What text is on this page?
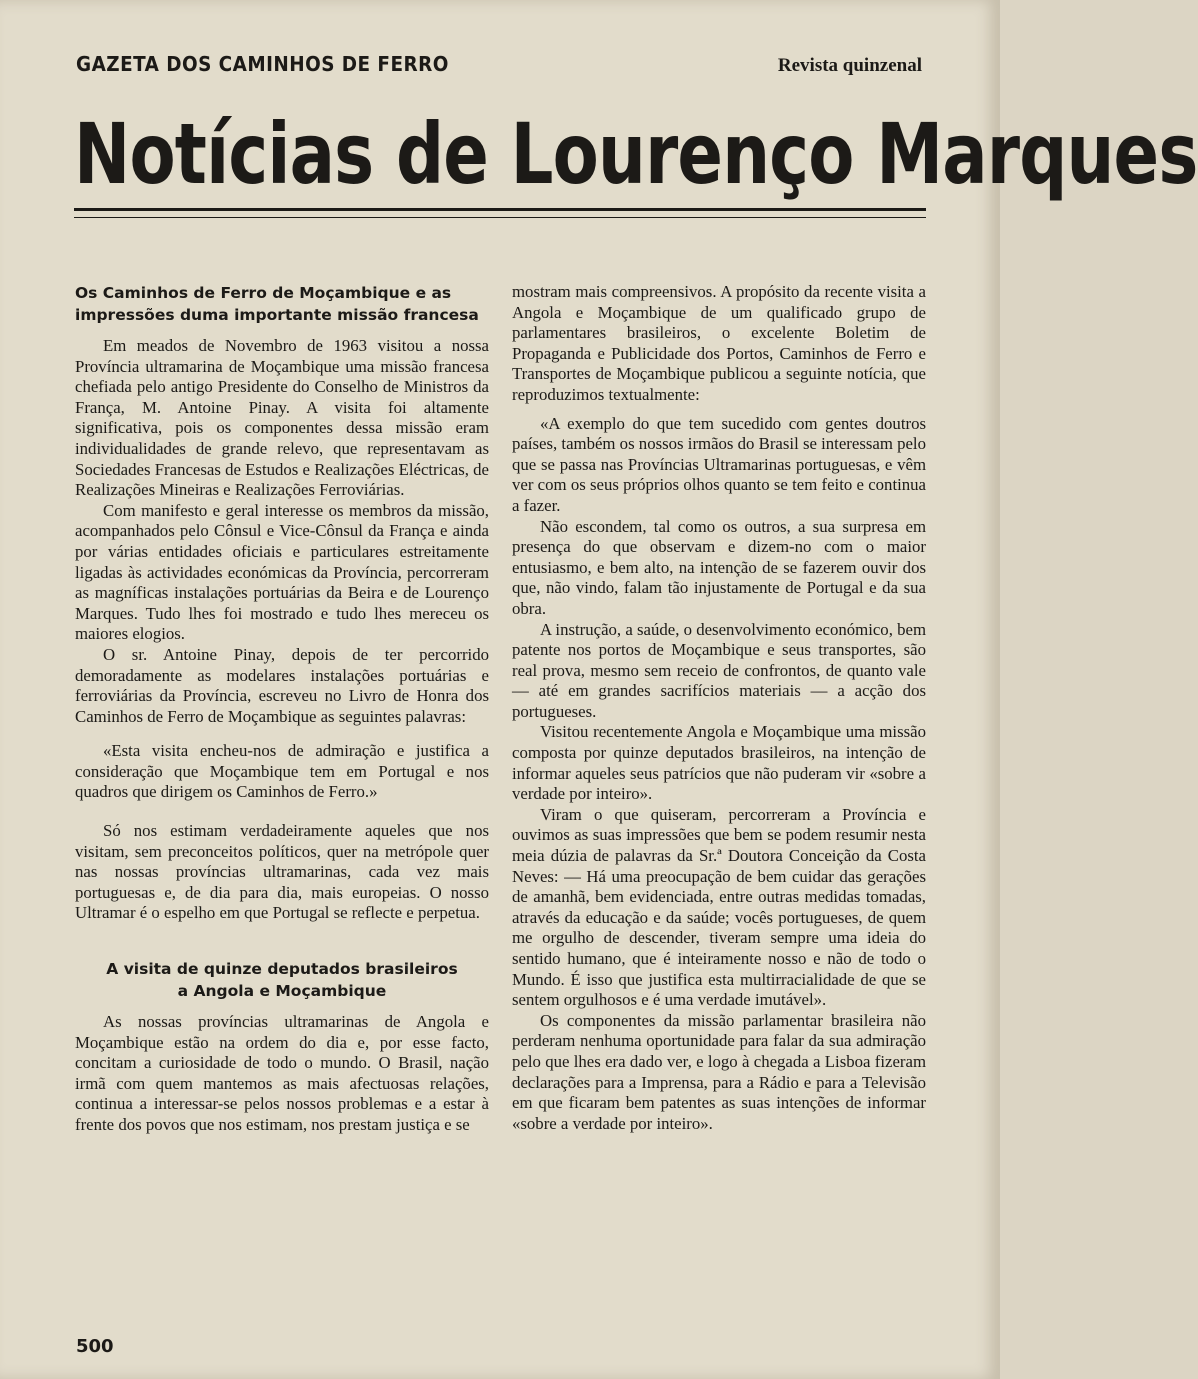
GAZETA DOS CAMINHOS DE FERRO	Revista quinzenal
Notícias de Lourenço Marques
Os Caminhos de Ferro de Moçambique e as impressões duma importante missão francesa

Em meados de Novembro de 1963 visitou a nossa Província ultramarina de Moçambique uma missão francesa chefiada pelo antigo Presidente do Conselho de Ministros da França, M. Antoine Pinay. A visita foi altamente significativa, pois os componentes dessa missão eram individualidades de grande relevo, que representavam as Sociedades Francesas de Estudos e Realizações Eléctricas, de Realizações Mineiras e Realizações Ferroviárias.

Com manifesto e geral interesse os membros da missão, acompanhados pelo Cônsul e Vice-Cônsul da França e ainda por várias entidades oficiais e particulares estreitamente ligadas às actividades económicas da Província, percorreram as magníficas instalações portuárias da Beira e de Lourenço Marques. Tudo lhes foi mostrado e tudo lhes mereceu os maiores elogios.

O sr. Antoine Pinay, depois de ter percorrido demoradamente as modelares instalações portuárias e ferroviárias da Província, escreveu no Livro de Honra dos Caminhos de Ferro de Moçambique as seguintes palavras:

«Esta visita encheu-nos de admiração e justifica a consideração que Moçambique tem em Portugal e nos quadros que dirigem os Caminhos de Ferro.»

Só nos estimam verdadeiramente aqueles que nos visitam, sem preconceitos políticos, quer na metrópole quer nas nossas províncias ultramarinas, cada vez mais portuguesas e, de dia para dia, mais europeias. O nosso Ultramar é o espelho em que Portugal se reflecte e perpetua.

A visita de quinze deputados brasileiros
a Angola e Moçambique

As nossas províncias ultramarinas de Angola e Moçambique estão na ordem do dia e, por esse facto, concitam a curiosidade de todo o mundo. O Brasil, nação irmã com quem mantemos as mais afectuosas relações, continua a interessar-se pelos nossos problemas e a estar à frente dos povos que nos estimam, nos prestam justiça e se

mostram mais compreensivos. A propósito da recente visita a Angola e Moçambique de um qualificado grupo de parlamentares brasileiros, o excelente Boletim de Propaganda e Publicidade dos Portos, Caminhos de Ferro e Transportes de Moçambique publicou a seguinte notícia, que reproduzimos textualmente:

«A exemplo do que tem sucedido com gentes doutros países, também os nossos irmãos do Brasil se interessam pelo que se passa nas Províncias Ultramarinas portuguesas, e vêm ver com os seus próprios olhos quanto se tem feito e continua a fazer.

Não escondem, tal como os outros, a sua surpresa em presença do que observam e dizem-no com o maior entusiasmo, e bem alto, na intenção de se fazerem ouvir dos que, não vindo, falam tão injustamente de Portugal e da sua obra.

A instrução, a saúde, o desenvolvimento económico, bem patente nos portos de Moçambique e seus transportes, são real prova, mesmo sem receio de confrontos, de quanto vale — até em grandes sacrifícios materiais — a acção dos portugueses.

Visitou recentemente Angola e Moçambique uma missão composta por quinze deputados brasileiros, na intenção de informar aqueles seus patrícios que não puderam vir «sobre a verdade por inteiro».

Viram o que quiseram, percorreram a Província e ouvimos as suas impressões que bem se podem resumir nesta meia dúzia de palavras da Sr.ª Doutora Conceição da Costa Neves: — Há uma preocupação de bem cuidar das gerações de amanhã, bem evidenciada, entre outras medidas tomadas, através da educação e da saúde; vocês portugueses, de quem me orgulho de descender, tiveram sempre uma ideia do sentido humano, que é inteiramente nosso e não de todo o Mundo. É isso que justifica esta multirracialidade de que se sentem orgulhosos e é uma verdade imutável».

Os componentes da missão parlamentar brasileira não perderam nenhuma oportunidade para falar da sua admiração pelo que lhes era dado ver, e logo à chegada a Lisboa fizeram declarações para a Imprensa, para a Rádio e para a Televisão em que ficaram bem patentes as suas intenções de informar «sobre a verdade por inteiro».

500
